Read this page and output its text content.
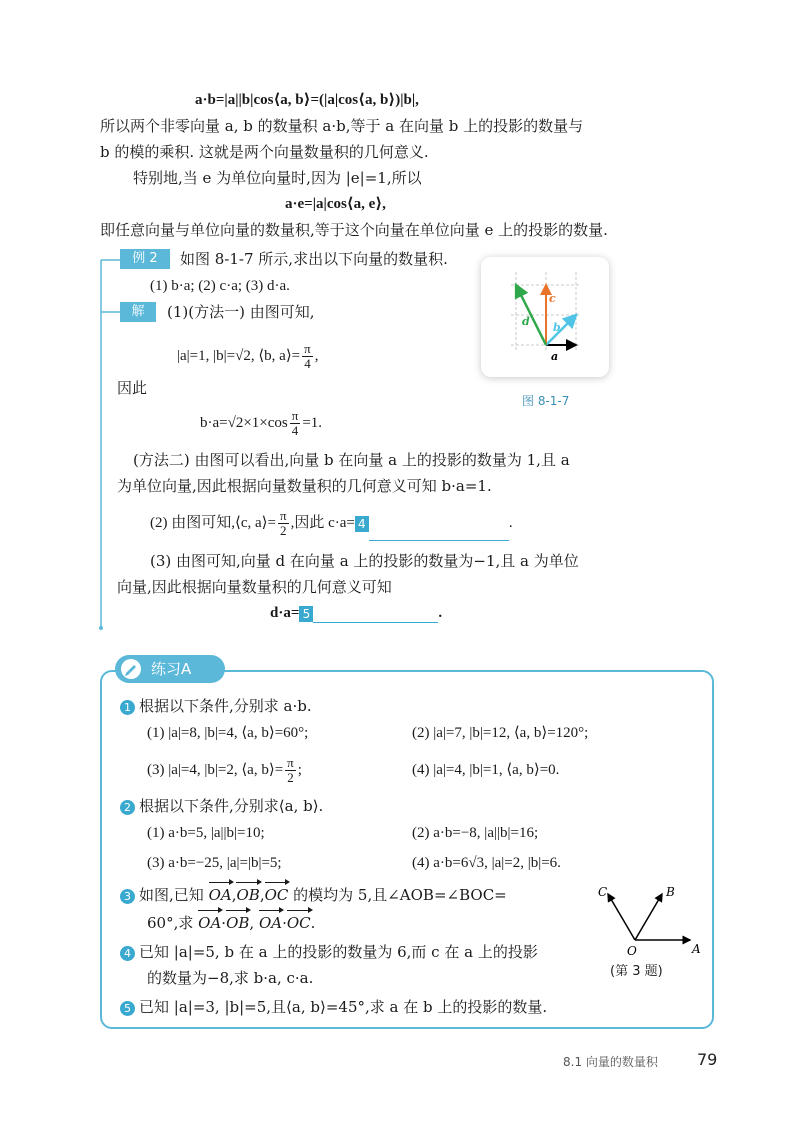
a·b=|a||b|cos⟨a, b⟩=(|a|cos⟨a, b⟩)|b|,
所以两个非零向量 a, b 的数量积 a·b,等于 a 在向量 b 上的投影的数量与
b 的模的乘积. 这就是两个向量数量积的几何意义.
特别地,当 e 为单位向量时,因为 |e|=1,所以
a·e=|a|cos⟨a, e⟩,
即任意向量与单位向量的数量积,等于这个向量在单位向量 e 上的投影的数量.
例 2	如图 8-1-7 所示,求出以下向量的数量积.
(1) b·a; (2) c·a; (3) d·a.
解	(1)(方法一) 由图可知,
|a|=1, |b|=√2, ⟨b, a⟩= $\frac{\pi}{4}$ ,
因此
$b\cdot a=√2\times 1\times\cos \frac{\pi}{4} =1$.
(方法二) 由图可以看出,向量 b 在向量 a 上的投影的数量为 1,且 a
为单位向量,因此根据向量数量积的几何意义可知 b·a=1.
(2) 由图可知,⟨c, a⟩= $\frac{\pi}{2}$ ,因此 c·a= 4	.
(3) 由图可知,向量 d 在向量 a 上的投影的数量为−1,且 a 为单位
向量,因此根据向量数量积的几何意义可知
d·a= 5	.
a
b
c
d
图 8-1-7
练习A
1 根据以下条件,分别求 a·b.
(1) |a|=8, |b|=4, ⟨a, b⟩=60°;	(2) |a|=7, |b|=12, ⟨a, b⟩=120°;
(3) |a|=4, |b|=2, ⟨a, b⟩= $\frac{\pi}{2}$ ;	(4) |a|=4, |b|=1, ⟨a, b⟩=0.
2 根据以下条件,分别求⟨a, b⟩.
(1) a·b=5, |a||b|=10;	(2) a·b=−8, |a||b|=16;
(3) a·b=−25, |a|=|b|=5;	(4) a·b=6√3, |a|=2, |b|=6.
3 如图,已知 OA,OB,OC 的模均为 5,且∠AOB=∠BOC=
60°,求 OA·OB, OA·OC.
4 已知 |a|=5, b 在 a 上的投影的数量为 6,而 c 在 a 上的投影
的数量为−8,求 b·a, c·a.
5 已知 |a|=3, |b|=5,且⟨a, b⟩=45°,求 a 在 b 上的投影的数量.
O	A
B
C
(第 3 题)
8.1 向量的数量积 79
